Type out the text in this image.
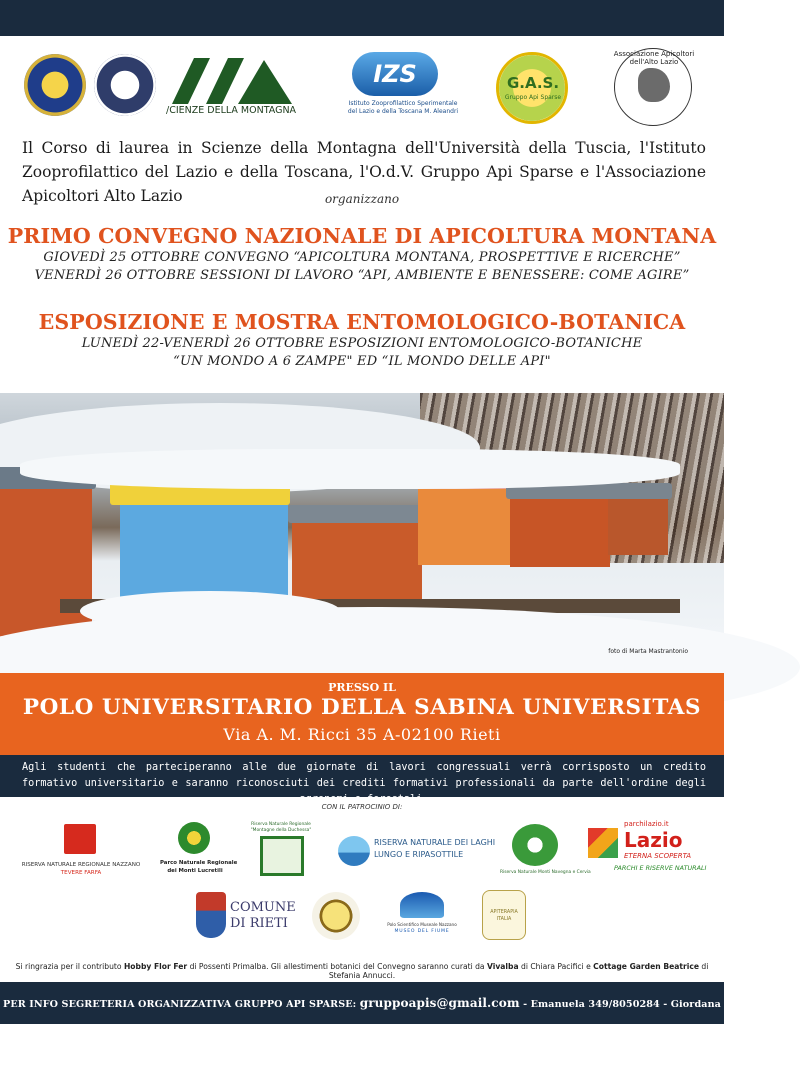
/CIENZE DELLA MONTAGNA
IZS
Istituto Zooprofilattico Sperimentale
del Lazio e della Toscana M. Aleandri
G.A.S.
Gruppo Api Sparse
Associazione Apicoltori dell'Alto Lazio

Il Corso di laurea in Scienze della Montagna dell'Università della Tuscia, l'Istituto Zooprofilattico del Lazio e della Toscana, l'O.d.V. Gruppo Api Sparse e l'Associazione Apicoltori Alto Lazio	organizzano
PRIMO CONVEGNO NAZIONALE DI APICOLTURA MONTANA
GIOVEDÌ 25 OTTOBRE CONVEGNO “APICOLTURA MONTANA, PROSPETTIVE E RICERCHE”
VENERDÌ 26 OTTOBRE SESSIONI DI LAVORO “API, AMBIENTE E BENESSERE: COME AGIRE”
ESPOSIZIONE E MOSTRA ENTOMOLOGICO-BOTANICA
LUNEDÌ 22-VENERDÌ 26 OTTOBRE ESPOSIZIONI ENTOMOLOGICO-BOTANICHE
“UN MONDO A 6 ZAMPE" ED “IL MONDO DELLE API"
foto di Marta Mastrantonio
PRESSO IL
POLO UNIVERSITARIO DELLA SABINA UNIVERSITAS
Via A. M. Ricci 35 A-02100 Rieti
Agli studenti che parteciperanno alle due giornate di lavori congressuali verrà corrisposto un credito formativo universitario e saranno riconosciuti dei crediti formativi professionali da parte dell'ordine degli agronomi e forestali.
CON IL PATROCINIO DI:
RISERVA NATURALE REGIONALE NAZZANO
TEVERE FARFA
Parco Naturale Regionale
dei Monti Lucretili
Riserva Naturale Regionale
"Montagne della Duchessa"
RISERVA NATURALE DEI LAGHI
LUNGO E RIPASOTTILE
Riserva Naturale Monti Navegna e Cervia
parchilazio.it
Lazio
ETERNA SCOPERTA
PARCHI E RISERVE NATURALI
COMUNE
DI RIETI	Polo Scientifico Museale Nazzano
MUSEO DEL FIUME
APITERAPIA ITALIA
Si ringrazia per il contributo Hobby Flor Fer di Possenti Primalba. Gli allestimenti botanici del Convegno saranno curati da Vivalba di Chiara Pacifici e Cottage Garden Beatrice di Stefania Annucci.
PER INFO SEGRETERIA ORGANIZZATIVA GRUPPO API SPARSE: gruppoapis@gmail.com - Emanuela 349/8050284 - Giordana 329/1058259
